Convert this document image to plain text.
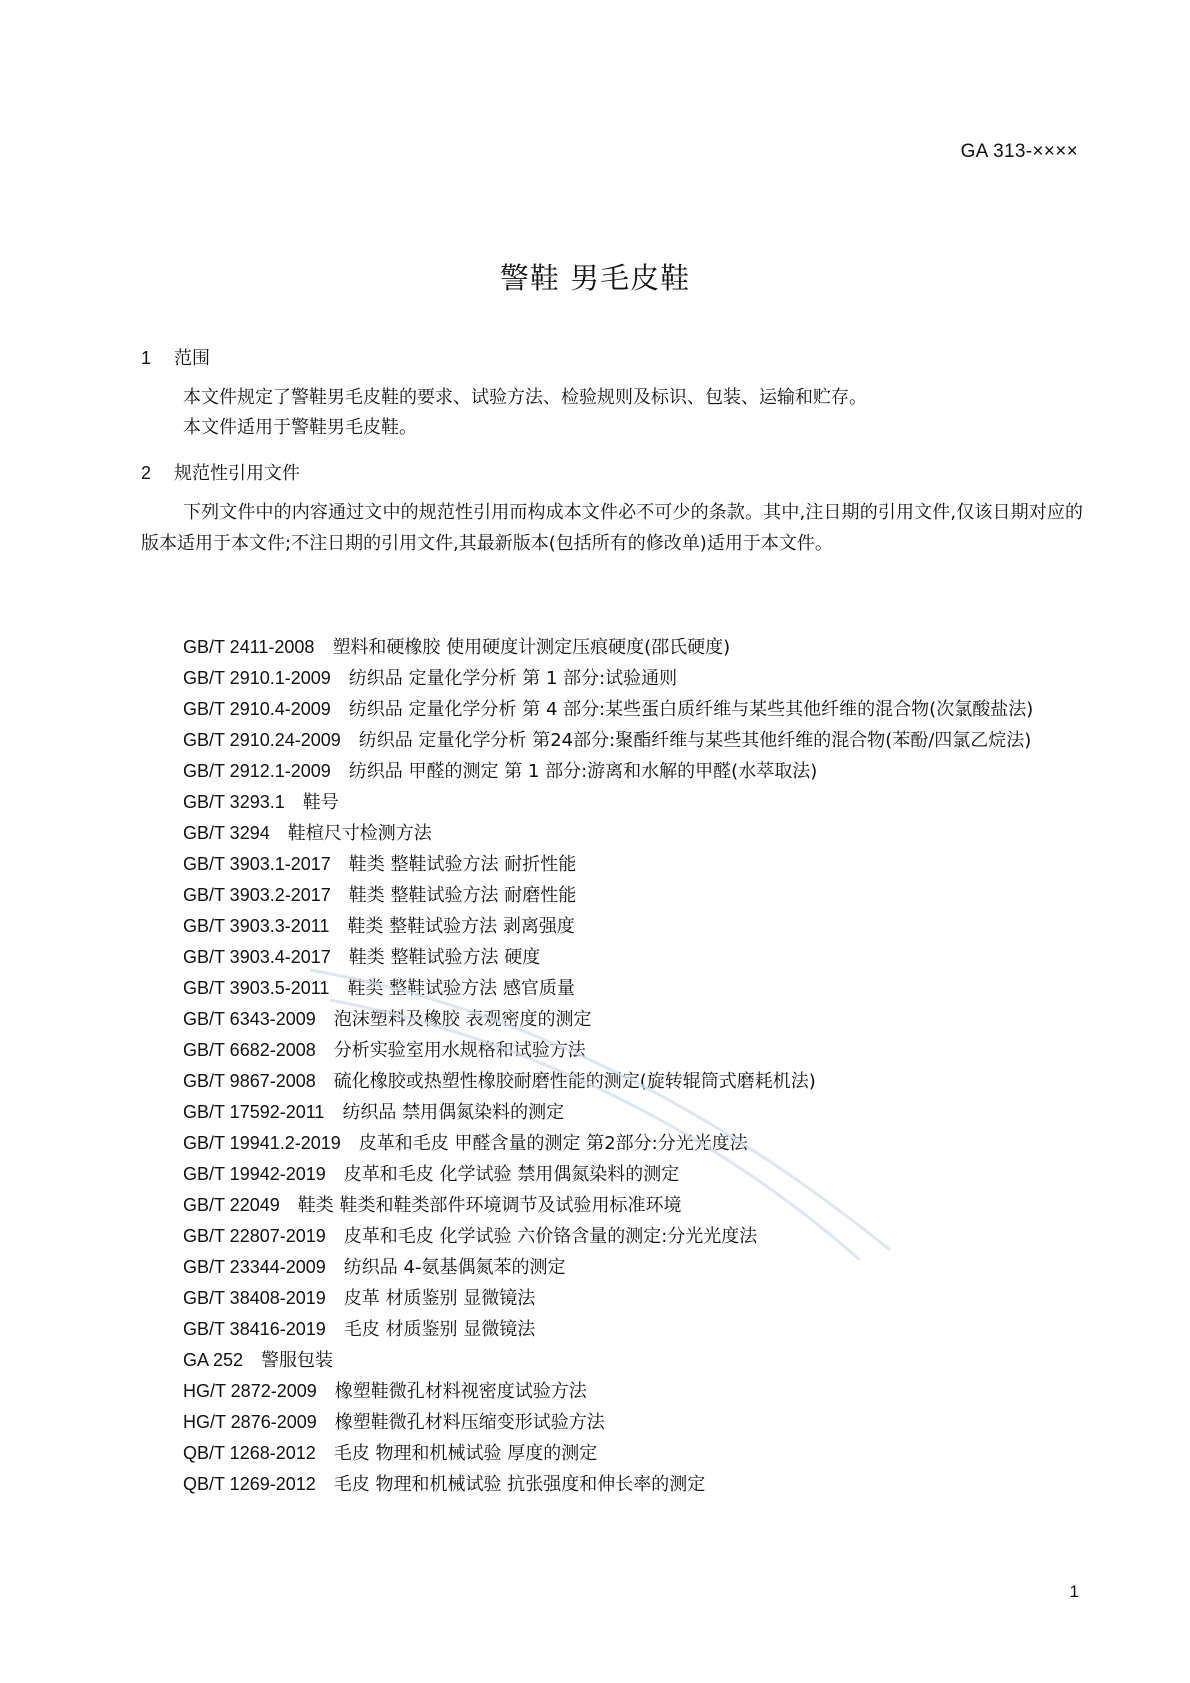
GA 313-××××
警鞋 男毛皮鞋
1 范围
本文件规定了警鞋男毛皮鞋的要求、试验方法、检验规则及标识、包装、运输和贮存。
本文件适用于警鞋男毛皮鞋。
2 规范性引用文件
下列文件中的内容通过文中的规范性引用而构成本文件必不可少的条款。其中,注日期的引用文件,仅该日期对应的版本适用于本文件;不注日期的引用文件,其最新版本(包括所有的修改单)适用于本文件。
GB/T 2411-2008 塑料和硬橡胶 使用硬度计测定压痕硬度(邵氏硬度)
GB/T 2910.1-2009 纺织品 定量化学分析 第 1 部分:试验通则
GB/T 2910.4-2009 纺织品 定量化学分析 第 4 部分:某些蛋白质纤维与某些其他纤维的混合物(次氯酸盐法)
GB/T 2910.24-2009 纺织品 定量化学分析 第24部分:聚酯纤维与某些其他纤维的混合物(苯酚/四氯乙烷法)
GB/T 2912.1-2009 纺织品 甲醛的测定 第 1 部分:游离和水解的甲醛(水萃取法)
GB/T 3293.1 鞋号
GB/T 3294 鞋楦尺寸检测方法
GB/T 3903.1-2017 鞋类 整鞋试验方法 耐折性能
GB/T 3903.2-2017 鞋类 整鞋试验方法 耐磨性能
GB/T 3903.3-2011 鞋类 整鞋试验方法 剥离强度
GB/T 3903.4-2017 鞋类 整鞋试验方法 硬度
GB/T 3903.5-2011 鞋类 整鞋试验方法 感官质量
GB/T 6343-2009 泡沫塑料及橡胶 表观密度的测定
GB/T 6682-2008 分析实验室用水规格和试验方法
GB/T 9867-2008 硫化橡胶或热塑性橡胶耐磨性能的测定(旋转辊筒式磨耗机法)
GB/T 17592-2011 纺织品 禁用偶氮染料的测定
GB/T 19941.2-2019 皮革和毛皮 甲醛含量的测定 第2部分:分光光度法
GB/T 19942-2019 皮革和毛皮 化学试验 禁用偶氮染料的测定
GB/T 22049 鞋类 鞋类和鞋类部件环境调节及试验用标准环境
GB/T 22807-2019 皮革和毛皮 化学试验 六价铬含量的测定:分光光度法
GB/T 23344-2009 纺织品 4-氨基偶氮苯的测定
GB/T 38408-2019 皮革 材质鉴别 显微镜法
GB/T 38416-2019 毛皮 材质鉴别 显微镜法
GA 252 警服包装
HG/T 2872-2009 橡塑鞋微孔材料视密度试验方法
HG/T 2876-2009 橡塑鞋微孔材料压缩变形试验方法
QB/T 1268-2012 毛皮 物理和机械试验 厚度的测定
QB/T 1269-2012 毛皮 物理和机械试验 抗张强度和伸长率的测定
1
